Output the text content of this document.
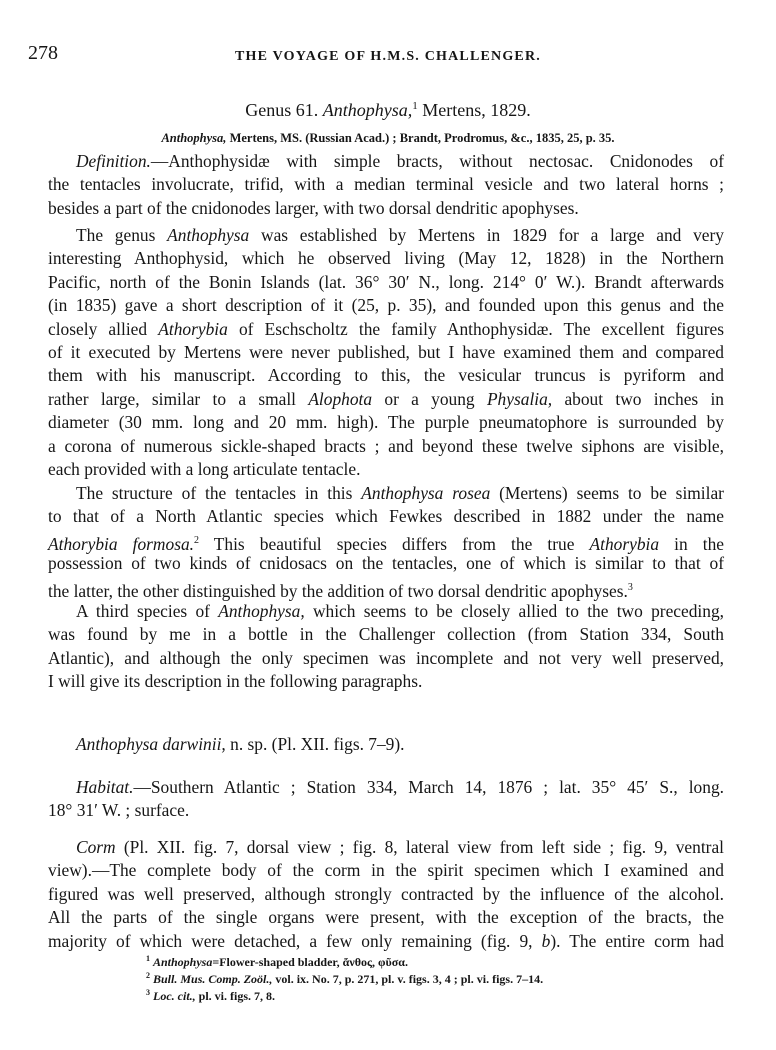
278	THE VOYAGE OF H.M.S. CHALLENGER.
Genus 61. Anthophysa,$^1$ Mertens, 1829.
Anthophysa, Mertens, MS. (Russian Acad.) ; Brandt, Prodromus, &c., 1835, 25, p. 35.
Definition.—Anthophysidæ with simple bracts, without nectosac. Cnidonodes of
the tentacles involucrate, trifid, with a median terminal vesicle and two lateral horns ;
besides a part of the cnidonodes larger, with two dorsal dendritic apophyses.
The genus Anthophysa was established by Mertens in 1829 for a large and very
interesting Anthophysid, which he observed living (May 12, 1828) in the Northern
Pacific, north of the Bonin Islands (lat. 36° 30′ N., long. 214° 0′ W.). Brandt afterwards
(in 1835) gave a short description of it (25, p. 35), and founded upon this genus and the
closely allied Athorybia of Eschscholtz the family Anthophysidæ. The excellent figures
of it executed by Mertens were never published, but I have examined them and compared
them with his manuscript. According to this, the vesicular truncus is pyriform and
rather large, similar to a small Alophota or a young Physalia, about two inches in
diameter (30 mm. long and 20 mm. high). The purple pneumatophore is surrounded by
a corona of numerous sickle-shaped bracts ; and beyond these twelve siphons are visible,
each provided with a long articulate tentacle.
The structure of the tentacles in this Anthophysa rosea (Mertens) seems to be similar
to that of a North Atlantic species which Fewkes described in 1882 under the name
Athorybia formosa.$^2$ This beautiful species differs from the true Athorybia in the
possession of two kinds of cnidosacs on the tentacles, one of which is similar to that of
the latter, the other distinguished by the addition of two dorsal dendritic apophyses.$^3$
A third species of Anthophysa, which seems to be closely allied to the two preceding,
was found by me in a bottle in the Challenger collection (from Station 334, South
Atlantic), and although the only specimen was incomplete and not very well preserved,
I will give its description in the following paragraphs.
Anthophysa darwinii, n. sp. (Pl. XII. figs. 7–9).
Habitat.—Southern Atlantic ; Station 334, March 14, 1876 ; lat. 35° 45′ S., long.
18° 31′ W. ; surface.
Corm (Pl. XII. fig. 7, dorsal view ; fig. 8, lateral view from left side ; fig. 9, ventral
view).—The complete body of the corm in the spirit specimen which I examined and
figured was well preserved, although strongly contracted by the influence of the alcohol.
All the parts of the single organs were present, with the exception of the bracts, the
majority of which were detached, a few only remaining (fig. 9, b). The entire corm had
$^1$ Anthophysa=Flower-shaped bladder, ἄνθος, φῦσα.
$^2$ Bull. Mus. Comp. Zoöl., vol. ix. No. 7, p. 271, pl. v. figs. 3, 4 ; pl. vi. figs. 7–14.
$^3$ Loc. cit., pl. vi. figs. 7, 8.
